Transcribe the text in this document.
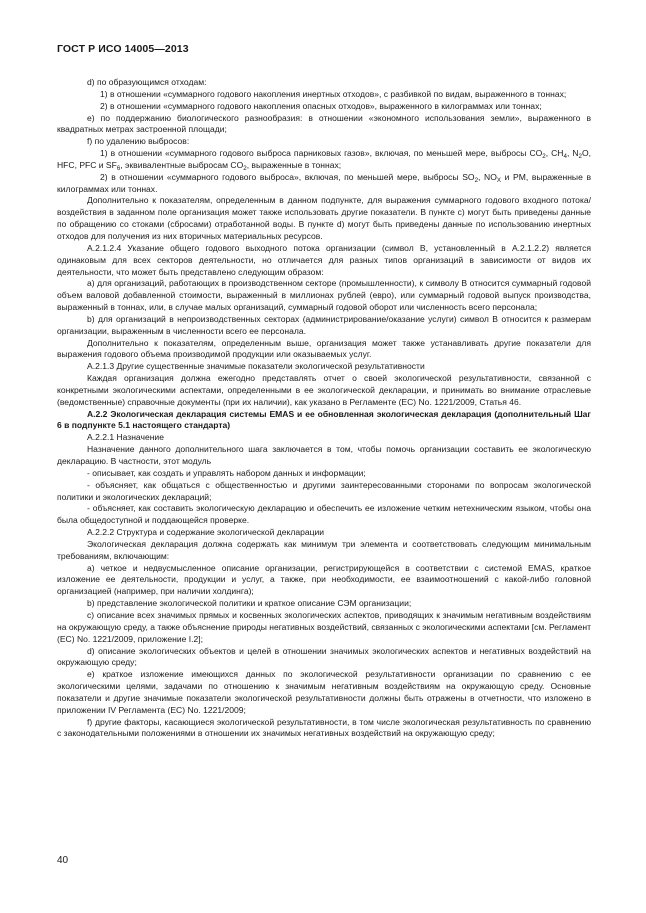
ГОСТ Р ИСО 14005—2013

d) по образующимся отходам:

1) в отношении «суммарного годового накопления инертных отходов», с разбивкой по видам, выраженного в тоннах;

2) в отношении «суммарного годового накопления опасных отходов», выраженного в килограммах или тоннах;

e) по поддержанию биологического разнообразия: в отношении «экономного использования земли», выраженного в квадратных метрах застроенной площади;

f) по удалению выбросов:

1) в отношении «суммарного годового выброса парниковых газов», включая, по меньшей мере, выбросы $CO_2$, $CH_4$, $N_2O$, HFC, PFC и $SF_6$, эквивалентные выбросам $CO_2$, выраженные в тоннах;

2) в отношении «суммарного годового выброса», включая, по меньшей мере, выбросы $SO_2$, $NO_X$ и PM, выраженные в килограммах или тоннах.

Дополнительно к показателям, определенным в данном подпункте, для выражения суммарного годового входного потока/воздействия в заданном поле организация может также использовать другие показатели. В пункте c) могут быть приведены данные по обращению со стоками (сбросами) отработанной воды. В пункте d) могут быть приведены данные по использованию инертных отходов для получения из них вторичных материальных ресурсов.

А.2.1.2.4 Указание общего годового выходного потока организации (символ B, установленный в А.2.1.2.2) является одинаковым для всех секторов деятельности, но отличается для разных типов организаций в зависимости от видов их деятельности, что может быть представлено следующим образом:

a) для организаций, работающих в производственном секторе (промышленности), к символу B относится суммарный годовой объем валовой добавленной стоимости, выраженный в миллионах рублей (евро), или суммарный годовой выпуск производства, выраженный в тоннах, или, в случае малых организаций, суммарный годовой оборот или численность всего персонала;

b) для организаций в непроизводственных секторах (администрирование/оказание услуги) символ B относится к размерам организации, выраженным в численности всего ее персонала.

Дополнительно к показателям, определенным выше, организация может также устанавливать другие показатели для выражения годового объема производимой продукции или оказываемых услуг.

А.2.1.3 Другие существенные значимые показатели экологической результативности

Каждая организация должна ежегодно представлять отчет о своей экологической результативности, связанной с конкретными экологическими аспектами, определенными в ее экологической декларации, и принимать во внимание отраслевые (ведомственные) справочные документы (при их наличии), как указано в Регламенте (ЕС) No. 1221/2009, Статья 46.

А.2.2 Экологическая декларация системы EMAS и ее обновленная экологическая декларация (дополнительный Шаг 6 в подпункте 5.1 настоящего стандарта)

А.2.2.1 Назначение

Назначение данного дополнительного шага заключается в том, чтобы помочь организации составить ее экологическую декларацию. В частности, этот модуль

- описывает, как создать и управлять набором данных и информации;

- объясняет, как общаться с общественностью и другими заинтересованными сторонами по вопросам экологической политики и экологических деклараций;

- объясняет, как составить экологическую декларацию и обеспечить ее изложение четким нетехническим языком, чтобы она была общедоступной и поддающейся проверке.

А.2.2.2 Структура и содержание экологической декларации

Экологическая декларация должна содержать как минимум три элемента и соответствовать следующим минимальным требованиям, включающим:

a) четкое и недвусмысленное описание организации, регистрирующейся в соответствии с системой EMAS, краткое изложение ее деятельности, продукции и услуг, а также, при необходимости, ее взаимоотношений с какой-либо головной организацией (например, при наличии холдинга);

b) представление экологической политики и краткое описание СЭМ организации;

c) описание всех значимых прямых и косвенных экологических аспектов, приводящих к значимым негативным воздействиям на окружающую среду, а также объяснение природы негативных воздействий, связанных с экологическими аспектами [см. Регламент (ЕС) No. 1221/2009, приложение I.2];

d) описание экологических объектов и целей в отношении значимых экологических аспектов и негативных воздействий на окружающую среду;

e) краткое изложение имеющихся данных по экологической результативности организации по сравнению с ее экологическими целями, задачами по отношению к значимым негативным воздействиям на окружающую среду. Основные показатели и другие значимые показатели экологической результативности должны быть отражены в отчетности, что изложено в приложении IV Регламента (ЕС) No. 1221/2009;

f) другие факторы, касающиеся экологической результативности, в том числе экологическая результативность по сравнению с законодательными положениями в отношении их значимых негативных воздействий на окружающую среду;

40
